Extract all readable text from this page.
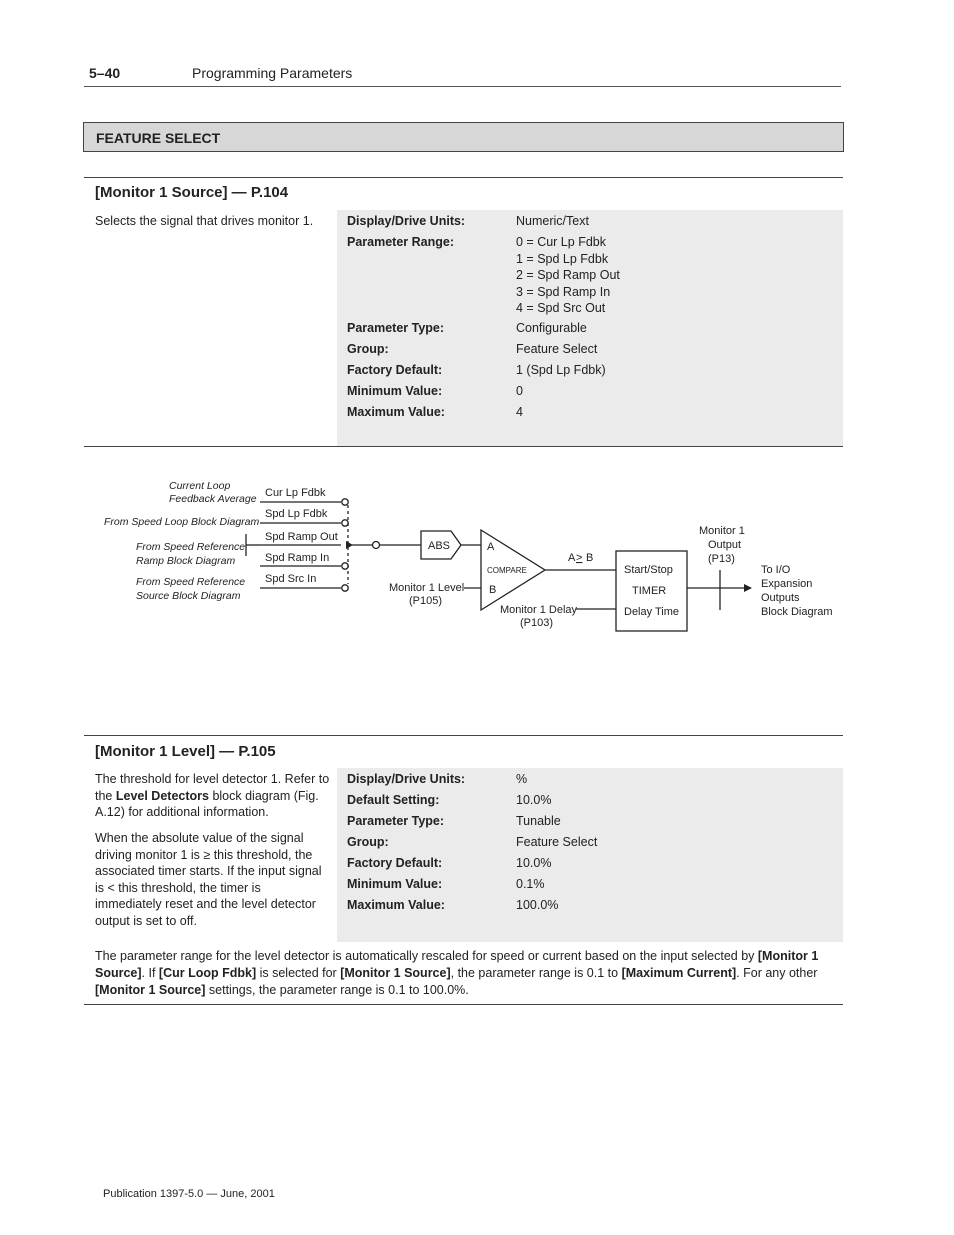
5–40	Programming Parameters
FEATURE SELECT
[Monitor 1 Source] — P.104
Selects the signal that drives monitor 1.	Display/Drive Units:	Numeric/Text
Parameter Range:	0 = Cur Lp Fdbk
1 = Spd Lp Fdbk
2 = Spd Ramp Out
3 = Spd Ramp In
4 = Spd Src Out
Parameter Type:	Configurable
Group:	Feature Select
Factory Default:	1 (Spd Lp Fdbk)
Minimum Value:	0
Maximum Value:	4
Current Loop
Feedback Average
From Speed Loop Block Diagram
From Speed Reference
Ramp Block Diagram
From Speed Reference
Source Block Diagram
Cur Lp Fdbk
Spd Lp Fdbk
Spd Ramp Out
Spd Ramp In
Spd Src In
ABS	A
B
Monitor 1 Level
(P105)
A > B
Monitor 1 Delay
(P103)
Start/Stop
TIMER
Delay Time
Monitor 1
Output
(P13)
To I/O
Expansion
Outputs
Block Diagram
COMPARE
[Monitor 1 Level] — P.105
The threshold for level detector 1. Refer to the Level Detectors block diagram (Fig. A.12) for additional information.
When the absolute value of the signal driving monitor 1 is ≥ this threshold, the associated timer starts. If the input signal is < this threshold, the timer is immediately reset and the level detector output is set to off.
Display/Drive Units:	%
Default Setting:	10.0%
Parameter Type:	Tunable
Group:	Feature Select
Factory Default:	10.0%
Minimum Value:	0.1%
Maximum Value:	100.0%
The parameter range for the level detector is automatically rescaled for speed or current based on the input selected by [Monitor 1 Source]. If [Cur Loop Fdbk] is selected for [Monitor 1 Source], the parameter range is 0.1 to [Maximum Current]. For any other [Monitor 1 Source] settings, the parameter range is 0.1 to 100.0%.
Publication 1397-5.0 — June, 2001
